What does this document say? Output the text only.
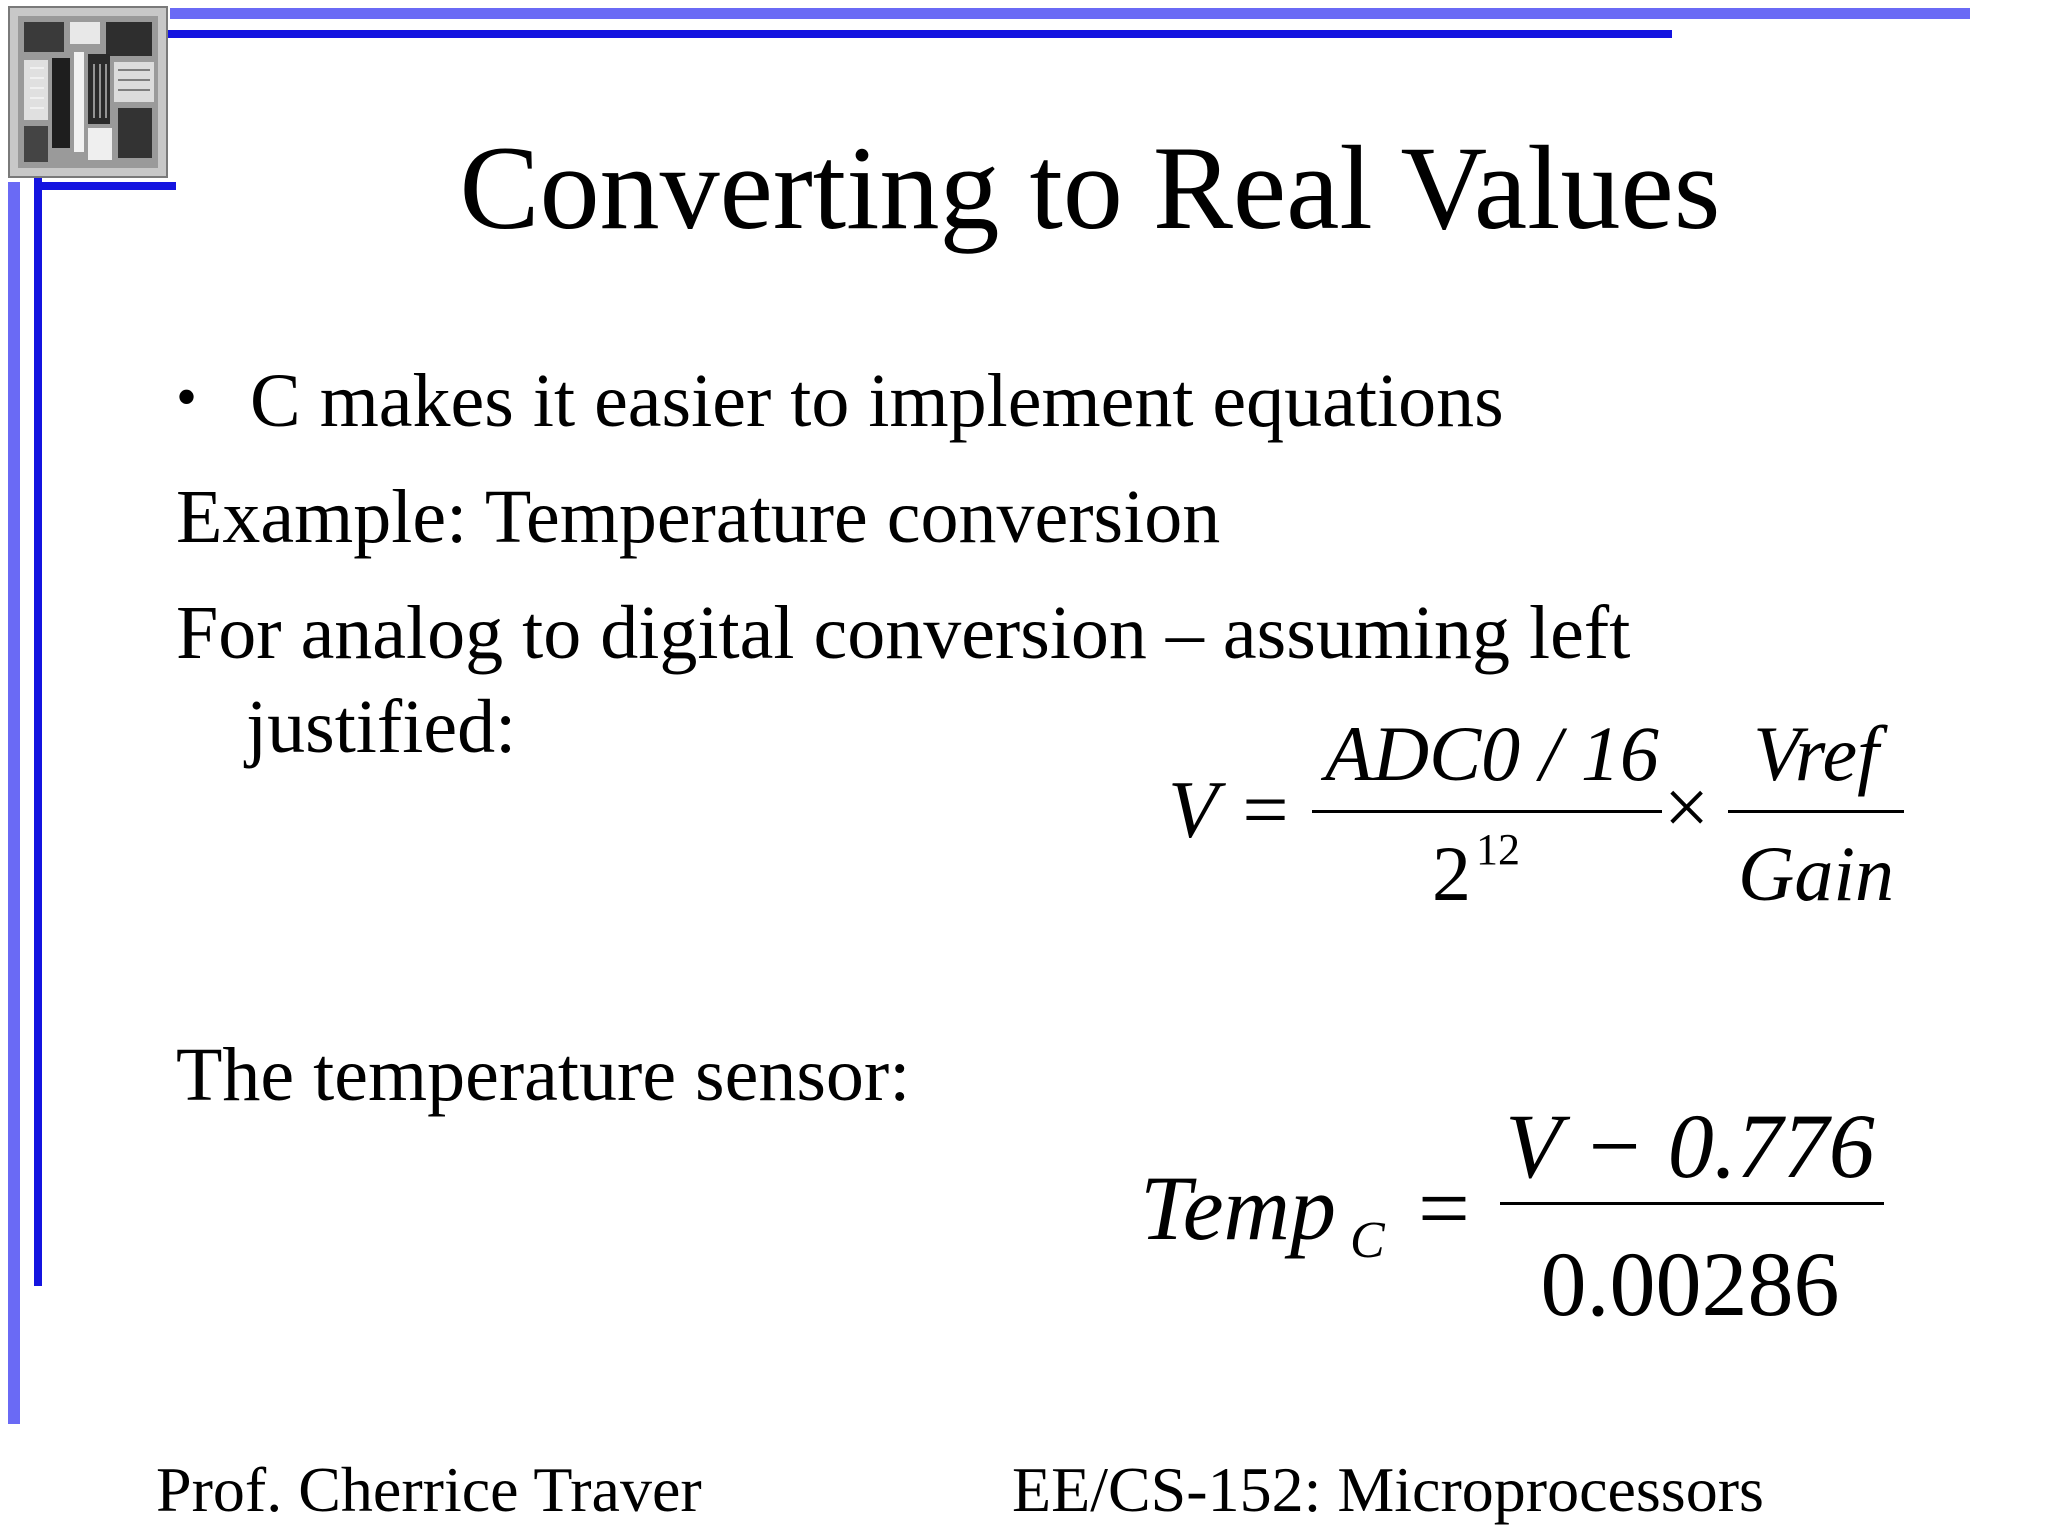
Converting to Real Values
• C makes it easier to implement equations
Example: Temperature conversion
For analog to digital conversion – assuming left
justified:
The temperature sensor:
V =
ADC0 / 16
2 12 ×
Vref
Gain
Temp C =
V − 0.776
0.00286
Prof. Cherrice Traver	EE/CS-152: Microprocessors
